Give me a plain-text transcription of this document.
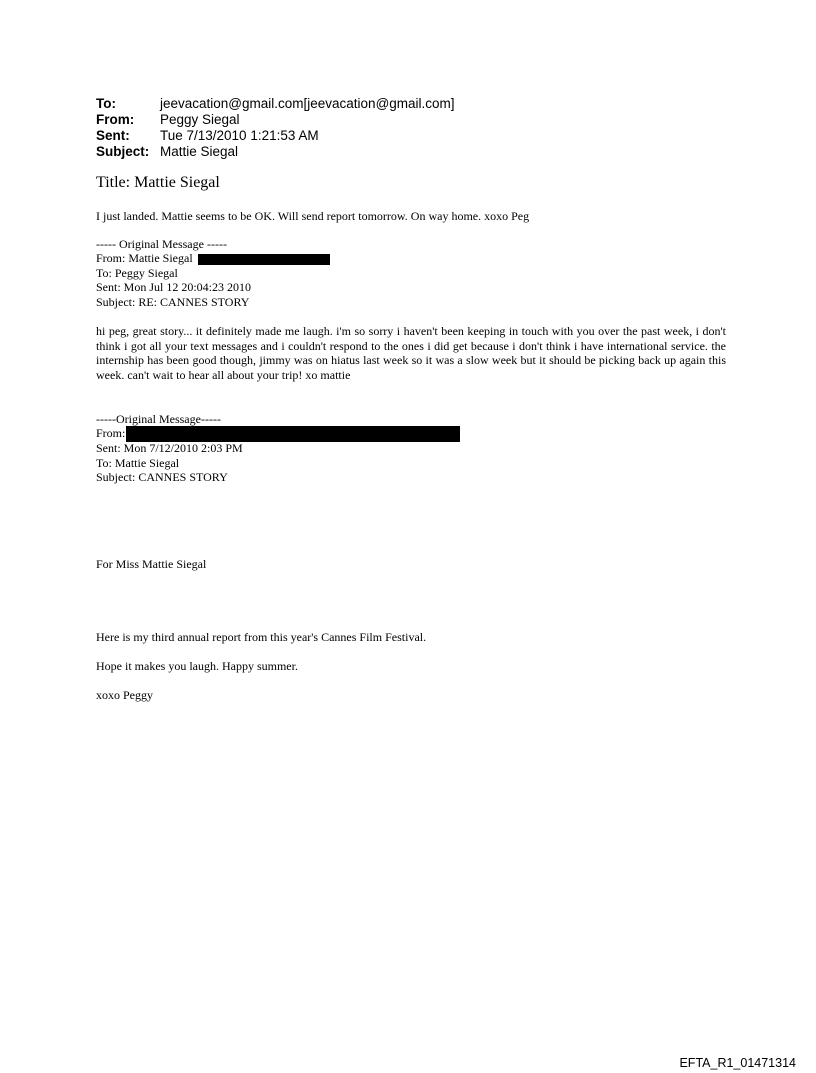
To:	jeevacation@gmail.com[jeevacation@gmail.com]
From:	Peggy Siegal
Sent:	Tue 7/13/2010 1:21:53 AM
Subject: Mattie Siegal
Title: Mattie Siegal
I just landed. Mattie seems to be OK. Will send report tomorrow. On way home. xoxo Peg
----- Original Message -----
From: Mattie Siegal
To: Peggy Siegal
Sent: Mon Jul 12 20:04:23 2010
Subject: RE: CANNES STORY
hi peg, great story... it definitely made me laugh. i'm so sorry i haven't been keeping in touch with you over the past week, i don't think i got all your text messages and i couldn't respond to the ones i did get because i don't think i have international service. the internship has been good though, jimmy was on hiatus last week so it was a slow week but it should be picking back up again this week. can't wait to hear all about your trip! xo mattie
-----Original Message-----
From:
Sent: Mon 7/12/2010 2:03 PM
To: Mattie Siegal
Subject: CANNES STORY
For Miss Mattie Siegal
Here is my third annual report from this year's Cannes Film Festival.
Hope it makes you laugh. Happy summer.
xoxo Peggy
EFTA_R1_01471314
